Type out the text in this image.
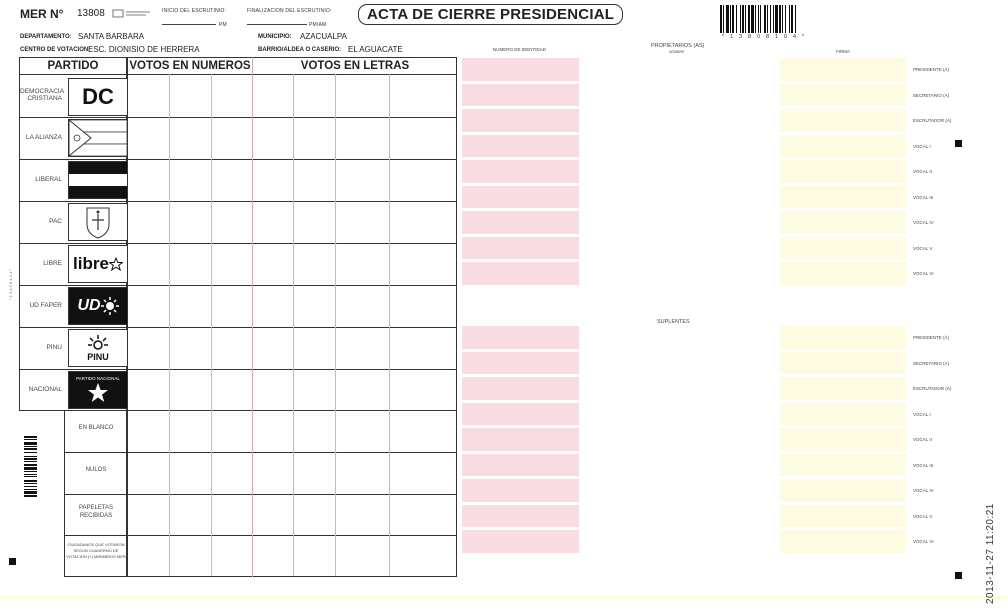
MER N° 13808	INICIO DEL ESCRUTINIO:
PM
FINALIZACION DEL ESCRUTINIO:
PM/AM
ACTA DE CIERRE PRESIDENCIAL
* 1 3 8 0 8 1 0 4 *
DEPARTAMENTO: SANTA BARBARA	MUNICIPIO: AZACUALPA
CENTRO DE VOTACION:
ESC. DIONISIO DE HERRERA	BARRIO/ALDEA O CASERIO: EL AGUACATE
PARTIDO	VOTOS EN NUMEROS	VOTOS EN LETRAS
DEMOCRACIA CRISTIANA DC
LA ALIANZA
LIBERAL
PAC
LIBRE libre
UD FAPER UD
PINU
PINU
NACIONAL
PARTIDO NACIONAL
EN BLANCO
NULOS
PAPELETAS RECIBIDAS
CIUDADANOS QUE VOTARON SEGUN CUADERNO DE VOTACION (+) MIEMBROS MER
NUMERO DE IDENTIDAD
PROPIETARIOS (AS)
NOMBRE	FIRMA
SUPLENTES
PRESIDENTE (A)
SECRETARIO (A)
ESCRUTADOR (A)
VOCAL I
VOCAL II
VOCAL III
VOCAL IV
VOCAL V
VOCAL VI
PRESIDENTE (A)
SECRETARIO (A)
ESCRUTADOR (A)
VOCAL I
VOCAL II
VOCAL III
VOCAL IV
VOCAL V
VOCAL VI
* 1 3 8 0 8 1 0 4 *
2013-11-27 11:20:21
